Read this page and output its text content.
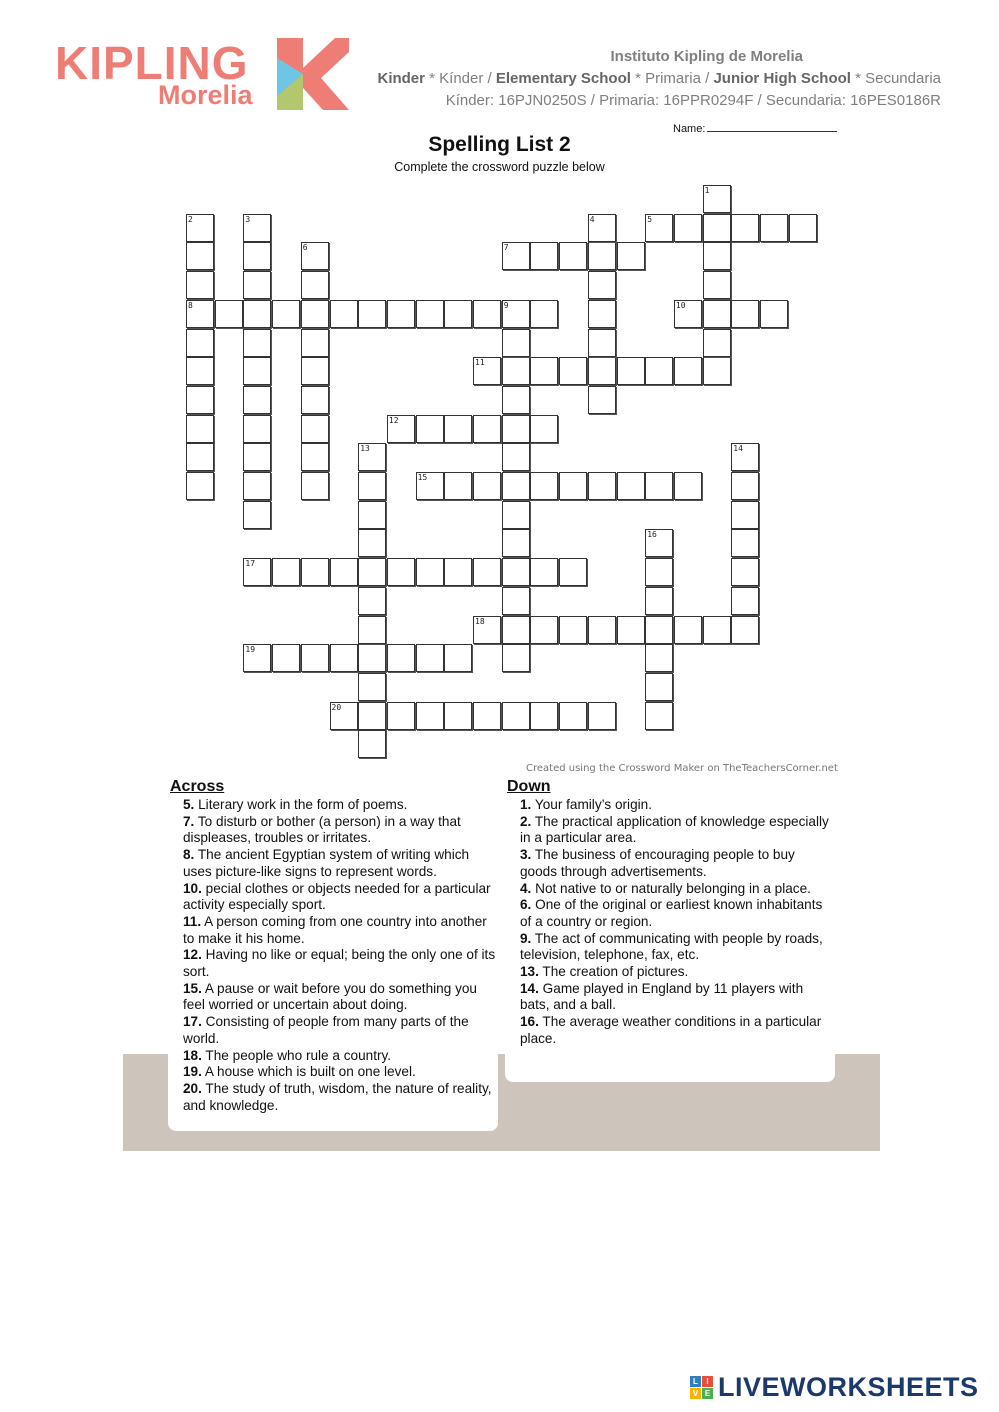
KIPLING
Morelia
Instituto Kipling de Morelia
Kinder * Kínder / Elementary School * Primaria / Junior High School * Secundaria
Kínder: 16PJN0250S / Primaria: 16PPR0294F / Secundaria: 16PES0186R
Name:
Spelling List 2
Complete the crossword puzzle below
5
7
8	9	10
11
12
15
17
18
19
20
1
2	3	4
6
13	14
16
Created using the Crossword Maker on TheTeachersCorner.net
Across
5. Literary work in the form of poems.
7. To disturb or bother (a person) in a way that displeases, troubles or irritates.
8. The ancient Egyptian system of writing which uses picture-like signs to represent words.
10. pecial clothes or objects needed for a particular activity especially sport.
11. A person coming from one country into another to make it his home.
12. Having no like or equal; being the only one of its sort.
15. A pause or wait before you do something you feel worried or uncertain about doing.
17. Consisting of people from many parts of the world.
18. The people who rule a country.
19. A house which is built on one level.
20. The study of truth, wisdom, the nature of reality, and knowledge.
Down
1. Your family’s origin.
2. The practical application of knowledge especially in a particular area.
3. The business of encouraging people to buy goods through advertisements.
4. Not native to or naturally belonging in a place.
6. One of the original or earliest known inhabitants of a country or region.
9. The act of communicating with people by roads, television, telephone, fax, etc.
13. The creation of pictures.
14. Game played in England by 11 players with bats, and a ball.
16. The average weather conditions in a particular place.
L	I
V E LIVEWORKSHEETS
